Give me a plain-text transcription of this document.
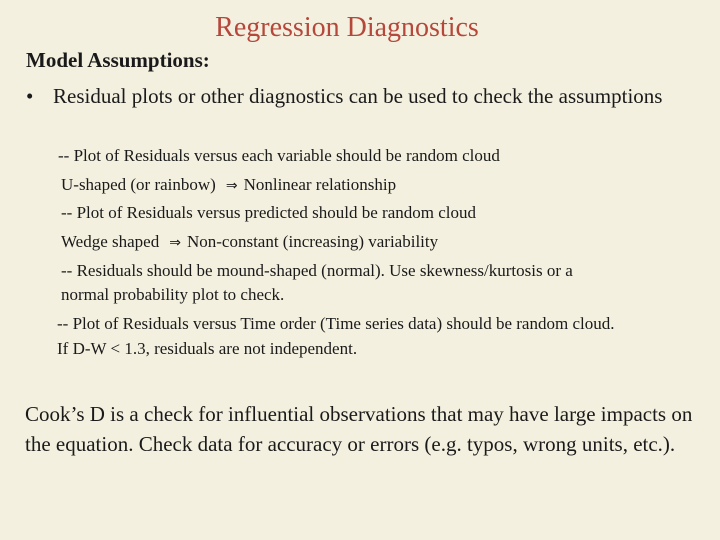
Regression Diagnostics
Model Assumptions:
• Residual plots or other diagnostics can be used to check the assumptions
-- Plot of Residuals versus each variable should be random cloud
U-shaped (or rainbow) ⇒ Nonlinear relationship
-- Plot of Residuals versus predicted should be random cloud
Wedge shaped ⇒ Non-constant (increasing) variability
-- Residuals should be mound-shaped (normal). Use skewness/kurtosis or a
normal probability plot to check.
-- Plot of Residuals versus Time order (Time series data) should be random cloud.
If D-W < 1.3, residuals are not independent.
Cook’s D is a check for influential observations that may have large impacts on the equation. Check data for accuracy or errors (e.g. typos, wrong units, etc.).
